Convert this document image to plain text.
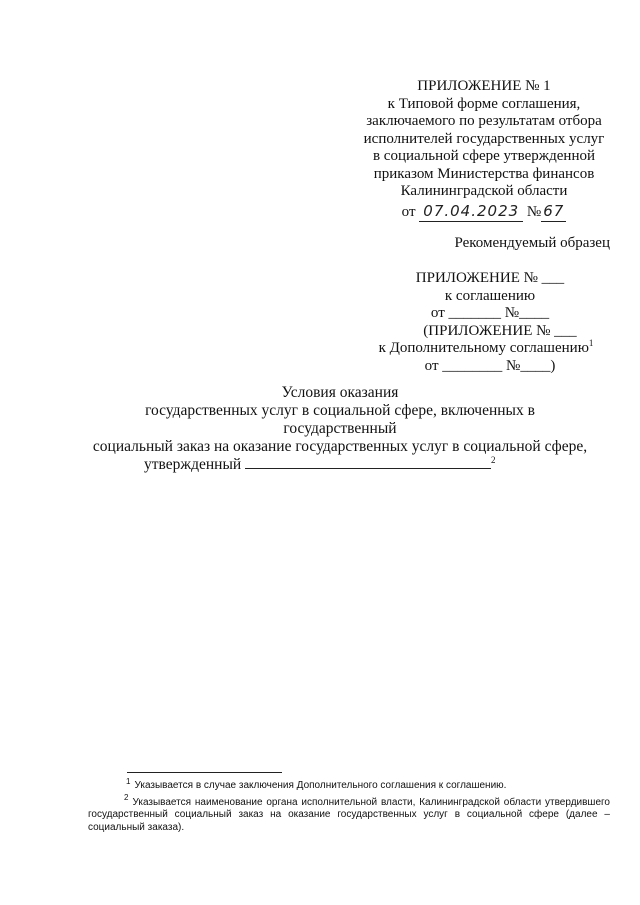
ПРИЛОЖЕНИЕ № 1
к Типовой форме соглашения,
заключаемого по результатам отбора
исполнителей государственных услуг
в социальной сфере утвержденной
приказом Министерства финансов
Калининградской области
от 07.04.2023 № 67
Рекомендуемый образец
ПРИЛОЖЕНИЕ № ___
к соглашению
от _______ №____
(ПРИЛОЖЕНИЕ № ___
к Дополнительному соглашению$^1$
от ________ №____)
Условия оказания
государственных услуг в социальной сфере, включенных в государственный
социальный заказ на оказание государственных услуг в социальной сфере,
утвержденный	$^2$
$^1$ Указывается в случае заключения Дополнительного соглашения к соглашению.
$^2$ Указывается наименование органа исполнительной власти, Калининградской области утвердившего государственный социальный заказ на оказание государственных услуг в социальной сфере (далее –социальный заказа).
